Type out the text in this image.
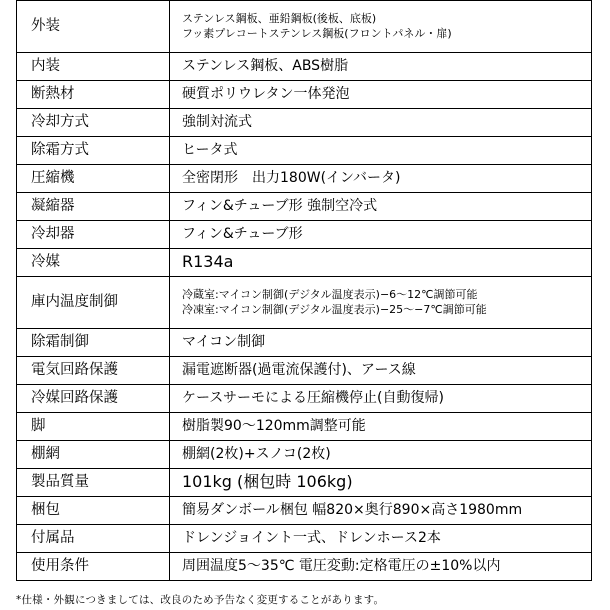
外装	ステンレス鋼板、亜鉛鋼板(後板、底板)
フッ素プレコートステンレス鋼板(フロントパネル・扉)

内装	ステンレス鋼板、ABS樹脂

断熱材	硬質ポリウレタン一体発泡

冷却方式	強制対流式

除霜方式	ヒータ式

圧縮機	全密閉形　出力180W(インバータ)

凝縮器	フィン&チューブ形 強制空冷式

冷却器	フィン&チューブ形

冷媒	R134a

庫内温度制御	冷蔵室:マイコン制御(デジタル温度表示)−6〜12℃調節可能
冷凍室:マイコン制御(デジタル温度表示)−25〜−7℃調節可能

除霜制御	マイコン制御

電気回路保護	漏電遮断器(過電流保護付)、アース線

冷媒回路保護	ケースサーモによる圧縮機停止(自動復帰)

脚	樹脂製90〜120mm調整可能

棚網	棚網(2枚)+スノコ(2枚)

製品質量	101kg (梱包時 106kg)

梱包	簡易ダンボール梱包 幅820×奥行890×高さ1980mm

付属品	ドレンジョイント一式、ドレンホース2本

使用条件	周囲温度5〜35℃ 電圧変動:定格電圧の±10%以内
*仕様・外観につきましては、改良のため予告なく変更することがあります。
